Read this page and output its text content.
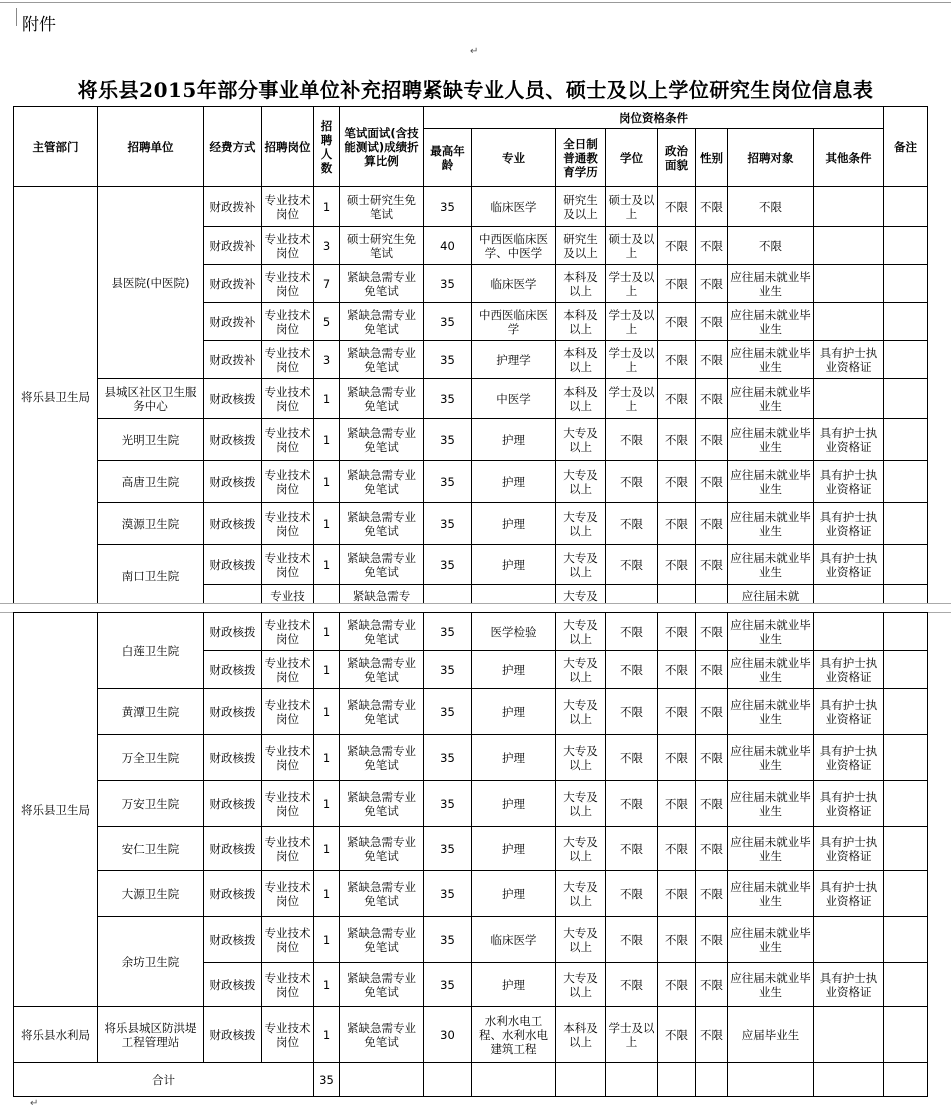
附件
↵
将乐县2015年部分事业单位补充招聘紧缺专业人员、硕士及以上学位研究生岗位信息表
主管部门	招聘单位	经费方式	招聘岗位	招聘人数	笔试面试(含技能测试)成绩折算比例	岗位资格条件								备注
						最高年龄	专业	全日制普通教育学历	学位	政治面貌	性别	招聘对象	其他条件	
将乐县卫生局	县医院(中医院)	财政拨补	专业技术岗位	1	硕士研究生免笔试	35	临床医学	研究生及以上	硕士及以上	不限	不限	不限		
		财政拨补	专业技术岗位	3	硕士研究生免笔试	40	中西医临床医学、中医学	研究生及以上	硕士及以上	不限	不限	不限		
		财政拨补	专业技术岗位	7	紧缺急需专业免笔试	35	临床医学	本科及以上	学士及以上	不限	不限	应往届未就业毕业生		
		财政拨补	专业技术岗位	5	紧缺急需专业免笔试	35	中西医临床医学	本科及以上	学士及以上	不限	不限	应往届未就业毕业生		
		财政拨补	专业技术岗位	3	紧缺急需专业免笔试	35	护理学	本科及以上	学士及以上	不限	不限	应往届未就业毕业生	具有护士执业资格证	
	县城区社区卫生服务中心	财政核拨	专业技术岗位	1	紧缺急需专业免笔试	35	中医学	本科及以上	学士及以上	不限	不限	应往届未就业毕业生		
	光明卫生院	财政核拨	专业技术岗位	1	紧缺急需专业免笔试	35	护理	大专及以上	不限	不限	不限	应往届未就业毕业生	具有护士执业资格证	
	高唐卫生院	财政核拨	专业技术岗位	1	紧缺急需专业免笔试	35	护理	大专及以上	不限	不限	不限	应往届未就业毕业生	具有护士执业资格证	
	漠源卫生院	财政核拨	专业技术岗位	1	紧缺急需专业免笔试	35	护理	大专及以上	不限	不限	不限	应往届未就业毕业生	具有护士执业资格证	
	南口卫生院	财政核拨	专业技术岗位	1	紧缺急需专业免笔试	35	护理	大专及以上	不限	不限	不限	应往届未就业毕业生	具有护士执业资格证	
			专业技		紧缺急需专			大专及				应往届未就		
将乐县卫生局	白莲卫生院	财政核拨	专业技术岗位	1	紧缺急需专业免笔试	35	医学检验	大专及以上	不限	不限	不限	应往届未就业毕业生		
		财政核拨	专业技术岗位	1	紧缺急需专业免笔试	35	护理	大专及以上	不限	不限	不限	应往届未就业毕业生	具有护士执业资格证	
	黄潭卫生院	财政核拨	专业技术岗位	1	紧缺急需专业免笔试	35	护理	大专及以上	不限	不限	不限	应往届未就业毕业生	具有护士执业资格证	
	万全卫生院	财政核拨	专业技术岗位	1	紧缺急需专业免笔试	35	护理	大专及以上	不限	不限	不限	应往届未就业毕业生	具有护士执业资格证	
	万安卫生院	财政核拨	专业技术岗位	1	紧缺急需专业免笔试	35	护理	大专及以上	不限	不限	不限	应往届未就业毕业生	具有护士执业资格证	
	安仁卫生院	财政核拨	专业技术岗位	1	紧缺急需专业免笔试	35	护理	大专及以上	不限	不限	不限	应往届未就业毕业生	具有护士执业资格证	
	大源卫生院	财政核拨	专业技术岗位	1	紧缺急需专业免笔试	35	护理	大专及以上	不限	不限	不限	应往届未就业毕业生	具有护士执业资格证	
	余坊卫生院	财政核拨	专业技术岗位	1	紧缺急需专业免笔试	35	临床医学	大专及以上	不限	不限	不限	应往届未就业毕业生		
		财政核拨	专业技术岗位	1	紧缺急需专业免笔试	35	护理	大专及以上	不限	不限	不限	应往届未就业毕业生	具有护士执业资格证	
将乐县水利局	将乐县城区防洪堤工程管理站	财政核拨	专业技术岗位	1	紧缺急需专业免笔试	30	水利水电工程、水利水电建筑工程	本科及以上	学士及以上	不限	不限	应届毕业生		
合计				35										
↵
